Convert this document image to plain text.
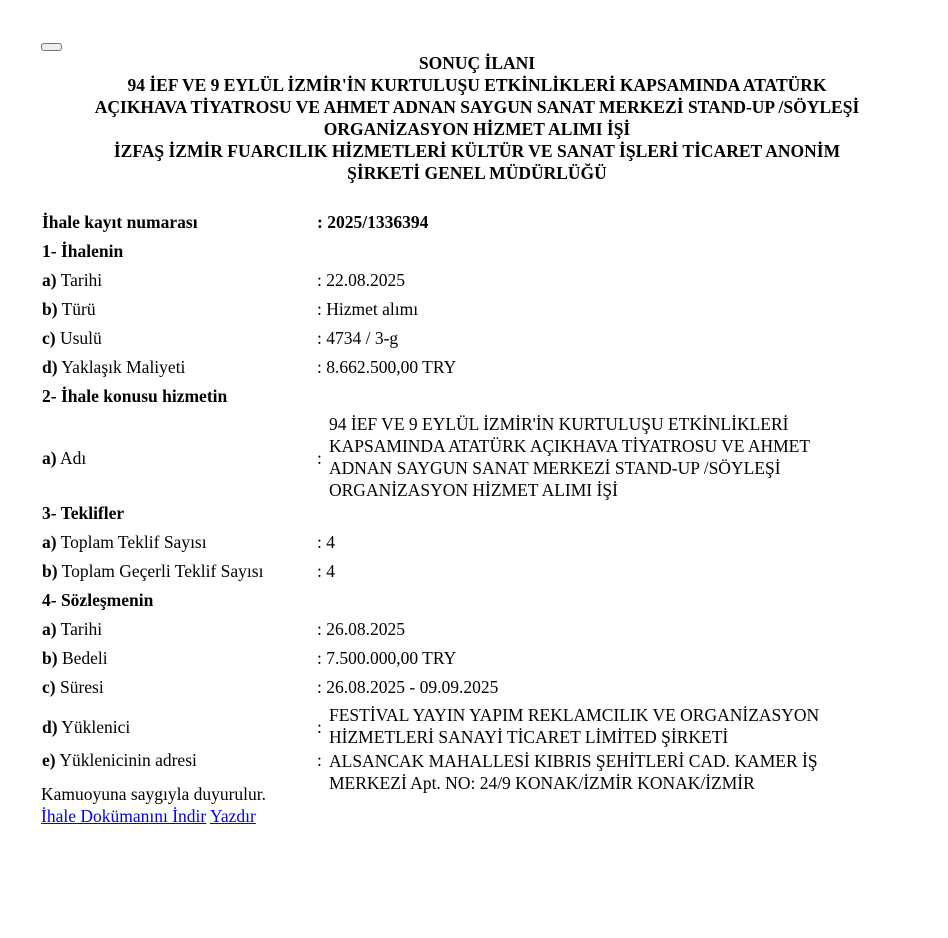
SONUÇ İLANI
94 İEF VE 9 EYLÜL İZMİR'İN KURTULUŞU ETKİNLİKLERİ KAPSAMINDA ATATÜRK
AÇIKHAVA TİYATROSU VE AHMET ADNAN SAYGUN SANAT MERKEZİ STAND-UP /SÖYLEŞİ
ORGANİZASYON HİZMET ALIMI İŞİ
İZFAŞ İZMİR FUARCILIK HİZMETLERİ KÜLTÜR VE SANAT İŞLERİ TİCARET ANONİM
ŞİRKETİ GENEL MÜDÜRLÜĞÜ
İhale kayıt numarası	: 2025/1336394	
1- İhalenin		
a) Tarihi	: 22.08.2025	
b) Türü	: Hizmet alımı	
c) Usulü	: 4734 / 3-g	
d) Yaklaşık Maliyeti	: 8.662.500,00 TRY	
2- İhale konusu hizmetin		
a) Adı	:	94 İEF VE 9 EYLÜL İZMİR'İN KURTULUŞU ETKİNLİKLERİ
KAPSAMINDA ATATÜRK AÇIKHAVA TİYATROSU VE AHMET
ADNAN SAYGUN SANAT MERKEZİ STAND-UP /SÖYLEŞİ
ORGANİZASYON HİZMET ALIMI İŞİ

3- Teklifler		
a) Toplam Teklif Sayısı	: 4	
b) Toplam Geçerli Teklif Sayısı	: 4	
4- Sözleşmenin		
a) Tarihi	: 26.08.2025	
b) Bedeli	: 7.500.000,00 TRY	
c) Süresi	: 26.08.2025 - 09.09.2025	
d) Yüklenici	:	FESTİVAL YAYIN YAPIM REKLAMCILIK VE ORGANİZASYON
HİZMETLERİ SANAYİ TİCARET LİMİTED ŞİRKETİ

e) Yüklenicinin adresi	:	ALSANCAK MAHALLESİ KIBRIS ŞEHİTLERİ CAD. KAMER İŞ
MERKEZİ Apt. NO: 24/9 KONAK/İZMİR KONAK/İZMİR
Kamuoyuna saygıyla duyurulur.
İhale Dokümanını İndir Yazdır
